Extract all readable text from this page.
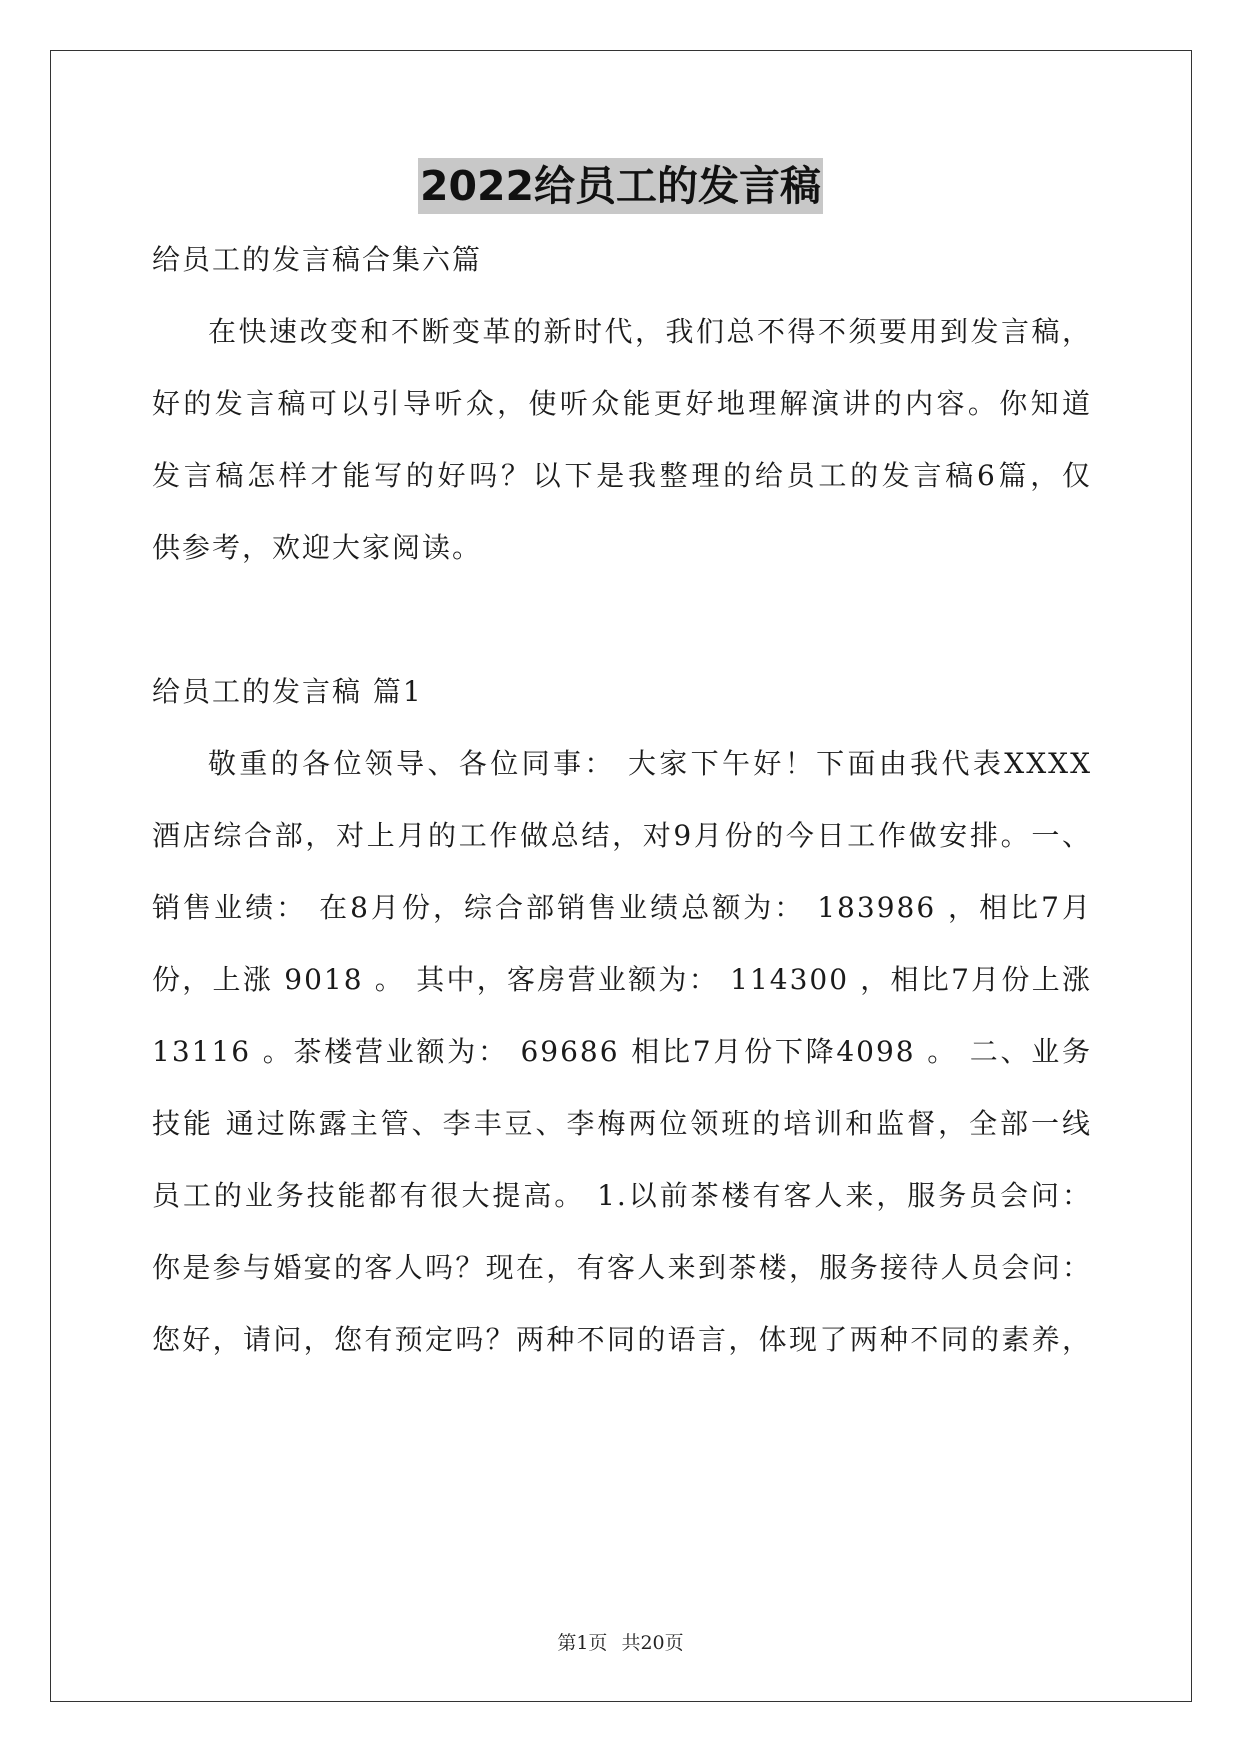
2022给员工的发言稿
给员工的发言稿合集六篇
在快速改变和不断变革的新时代，我们总不得不须要用到发言稿，
好的发言稿可以引导听众，使听众能更好地理解演讲的内容。你知道
发言稿怎样才能写的好吗？以下是我整理的给员工的发言稿6篇，仅
供参考，欢迎大家阅读。
给员工的发言稿 篇1
敬重的各位领导、各位同事： 大家下午好！下面由我代表XXXX
酒店综合部，对上月的工作做总结，对9月份的今日工作做安排。一、
销售业绩： 在8月份，综合部销售业绩总额为： 183986 ，相比7月
份，上涨 9018 。 其中，客房营业额为： 114300 ，相比7月份上涨
13116 。茶楼营业额为： 69686 相比7月份下降4098 。 二、业务
技能 通过陈露主管、李丰豆、李梅两位领班的培训和监督，全部一线
员工的业务技能都有很大提高。 1.以前茶楼有客人来，服务员会问：
你是参与婚宴的客人吗？现在，有客人来到茶楼，服务接待人员会问：
您好，请问，您有预定吗？两种不同的语言，体现了两种不同的素养，
第1页 共20页
